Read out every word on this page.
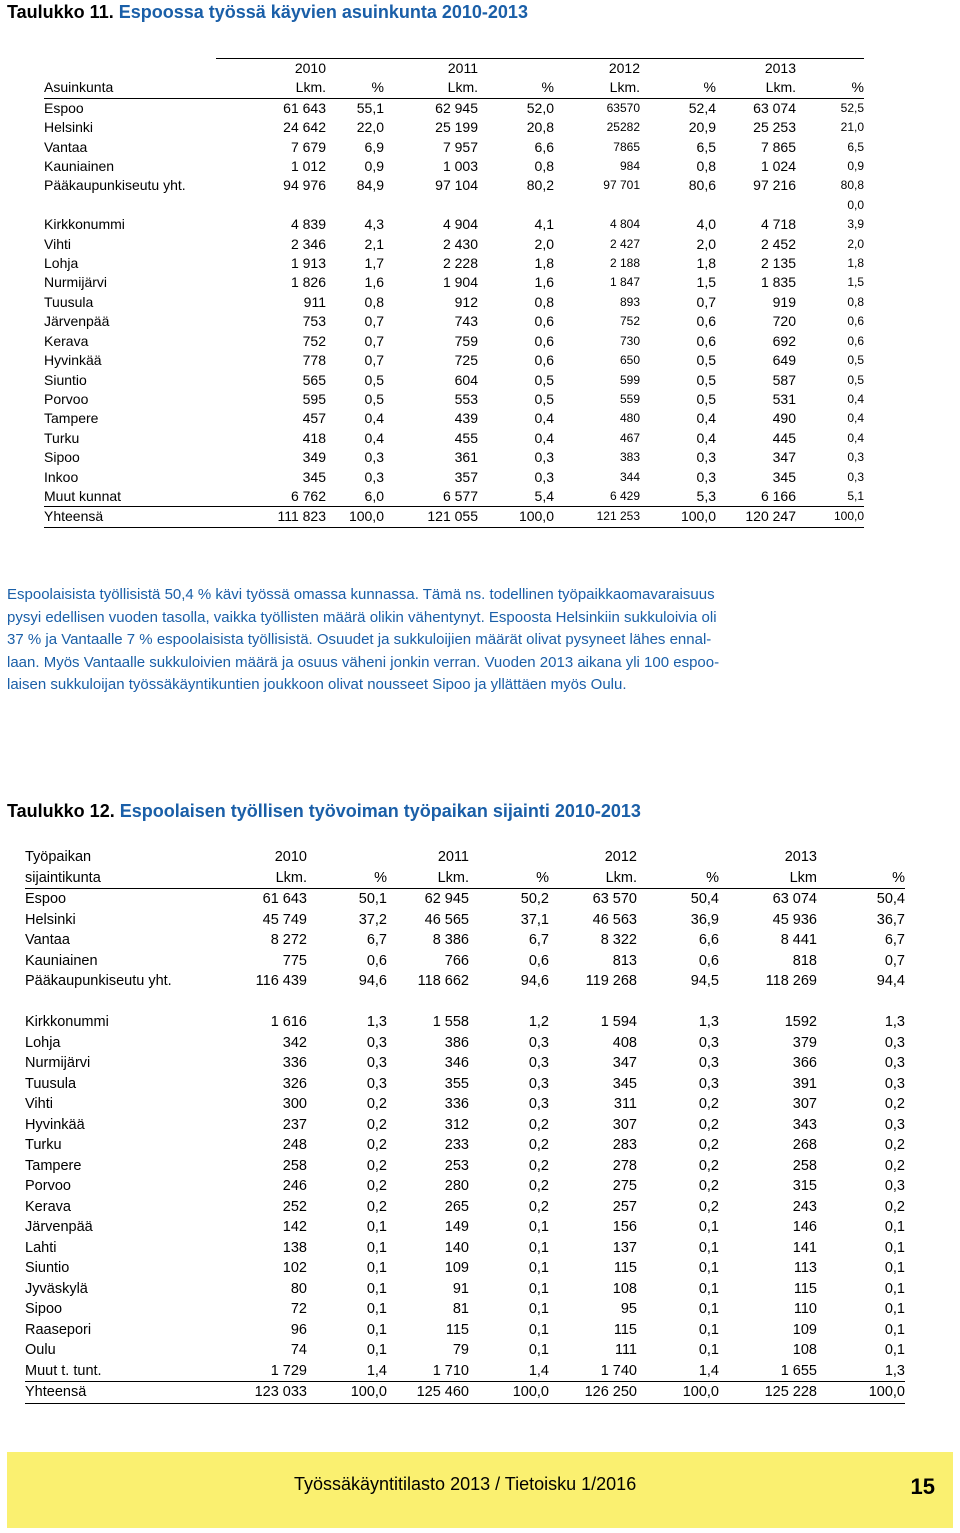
Taulukko 11. Espoossa työssä käyvien asuinkunta 2010-2013
	2010		2011		2012		2013	
Asuinkunta	Lkm.	%	Lkm.	%	Lkm.	%	Lkm.	%
Espoo	61 643	55,1	62 945	52,0	63570	52,4	63 074	52,5
Helsinki	24 642	22,0	25 199	20,8	25282	20,9	25 253	21,0
Vantaa	7 679	6,9	7 957	6,6	7865	6,5	7 865	6,5
Kauniainen	1 012	0,9	1 003	0,8	984	0,8	1 024	0,9
Pääkaupunkiseutu yht.	94 976	84,9	97 104	80,2	97 701	80,6	97 216	80,8
								0,0
Kirkkonummi	4 839	4,3	4 904	4,1	4 804	4,0	4 718	3,9
Vihti	2 346	2,1	2 430	2,0	2 427	2,0	2 452	2,0
Lohja	1 913	1,7	2 228	1,8	2 188	1,8	2 135	1,8
Nurmijärvi	1 826	1,6	1 904	1,6	1 847	1,5	1 835	1,5
Tuusula	911	0,8	912	0,8	893	0,7	919	0,8
Järvenpää	753	0,7	743	0,6	752	0,6	720	0,6
Kerava	752	0,7	759	0,6	730	0,6	692	0,6
Hyvinkää	778	0,7	725	0,6	650	0,5	649	0,5
Siuntio	565	0,5	604	0,5	599	0,5	587	0,5
Porvoo	595	0,5	553	0,5	559	0,5	531	0,4
Tampere	457	0,4	439	0,4	480	0,4	490	0,4
Turku	418	0,4	455	0,4	467	0,4	445	0,4
Sipoo	349	0,3	361	0,3	383	0,3	347	0,3
Inkoo	345	0,3	357	0,3	344	0,3	345	0,3
Muut kunnat	6 762	6,0	6 577	5,4	6 429	5,3	6 166	5,1
Yhteensä	111 823	100,0	121 055	100,0	121 253	100,0	120 247	100,0

Espoolaisista työllisistä 50,4 % kävi työssä omassa kunnassa. Tämä ns. todellinen työpaikkaomavaraisuus
pysyi edellisen vuoden tasolla, vaikka työllisten määrä olikin vähentynyt. Espoosta Helsinkiin sukkuloivia oli
37 % ja Vantaalle 7 % espoolaisista työllisistä. Osuudet ja sukkuloijien määrät olivat pysyneet lähes ennal-
laan. Myös Vantaalle sukkuloivien määrä ja osuus väheni jonkin verran. Vuoden 2013 aikana yli 100 espoo-
laisen sukkuloijan työssäkäyntikuntien joukkoon olivat nousseet Sipoo ja yllättäen myös Oulu.

Taulukko 12. Espoolaisen työllisen työvoiman työpaikan sijainti 2010-2013
Työpaikan	2010		2011		2012		2013	
sijaintikunta	Lkm.	%	Lkm.	%	Lkm.	%	Lkm	%
Espoo	61 643	50,1	62 945	50,2	63 570	50,4	63 074	50,4
Helsinki	45 749	37,2	46 565	37,1	46 563	36,9	45 936	36,7
Vantaa	8 272	6,7	8 386	6,7	8 322	6,6	8 441	6,7
Kauniainen	775	0,6	766	0,6	813	0,6	818	0,7
Pääkaupunkiseutu yht.	116 439	94,6	118 662	94,6	119 268	94,5	118 269	94,4

Kirkkonummi	1 616	1,3	1 558	1,2	1 594	1,3	1592	1,3
Lohja	342	0,3	386	0,3	408	0,3	379	0,3
Nurmijärvi	336	0,3	346	0,3	347	0,3	366	0,3
Tuusula	326	0,3	355	0,3	345	0,3	391	0,3
Vihti	300	0,2	336	0,3	311	0,2	307	0,2
Hyvinkää	237	0,2	312	0,2	307	0,2	343	0,3
Turku	248	0,2	233	0,2	283	0,2	268	0,2
Tampere	258	0,2	253	0,2	278	0,2	258	0,2
Porvoo	246	0,2	280	0,2	275	0,2	315	0,3
Kerava	252	0,2	265	0,2	257	0,2	243	0,2
Järvenpää	142	0,1	149	0,1	156	0,1	146	0,1
Lahti	138	0,1	140	0,1	137	0,1	141	0,1
Siuntio	102	0,1	109	0,1	115	0,1	113	0,1
Jyväskylä	80	0,1	91	0,1	108	0,1	115	0,1
Sipoo	72	0,1	81	0,1	95	0,1	110	0,1
Raasepori	96	0,1	115	0,1	115	0,1	109	0,1
Oulu	74	0,1	79	0,1	111	0,1	108	0,1
Muut t. tunt.	1 729	1,4	1 710	1,4	1 740	1,4	1 655	1,3
Yhteensä	123 033	100,0	125 460	100,0	126 250	100,0	125 228	100,0
Työssäkäyntitilasto 2013 / Tietoisku 1/2016	15
